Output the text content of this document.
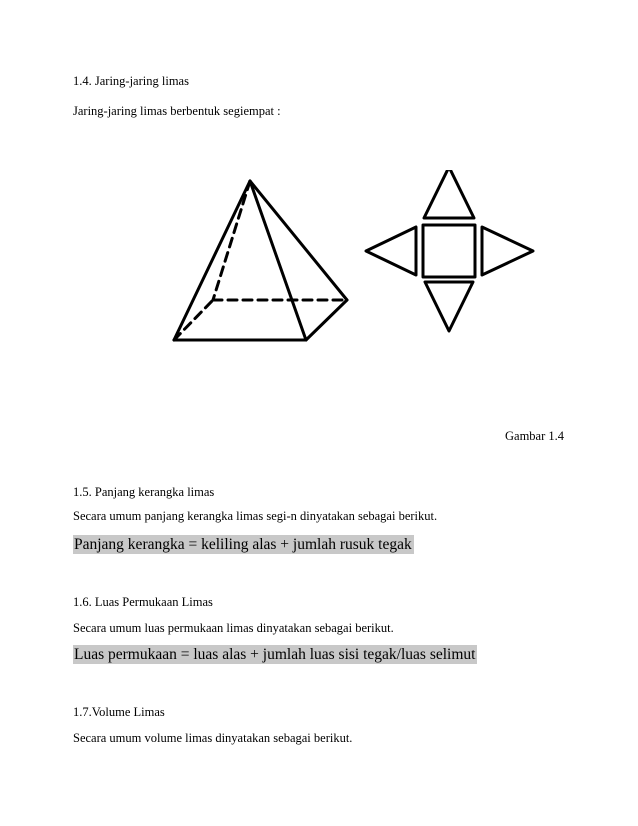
1.4. Jaring-jaring limas
Jaring-jaring limas berbentuk segiempat :
Gambar 1.4
1.5. Panjang kerangka limas
Secara umum panjang kerangka limas segi-n dinyatakan sebagai berikut.
Panjang kerangka = keliling alas + jumlah rusuk tegak
1.6. Luas Permukaan Limas
Secara umum luas permukaan limas dinyatakan sebagai berikut.
Luas permukaan = luas alas + jumlah luas sisi tegak/luas selimut
1.7.Volume Limas
Secara umum volume limas dinyatakan sebagai berikut.
